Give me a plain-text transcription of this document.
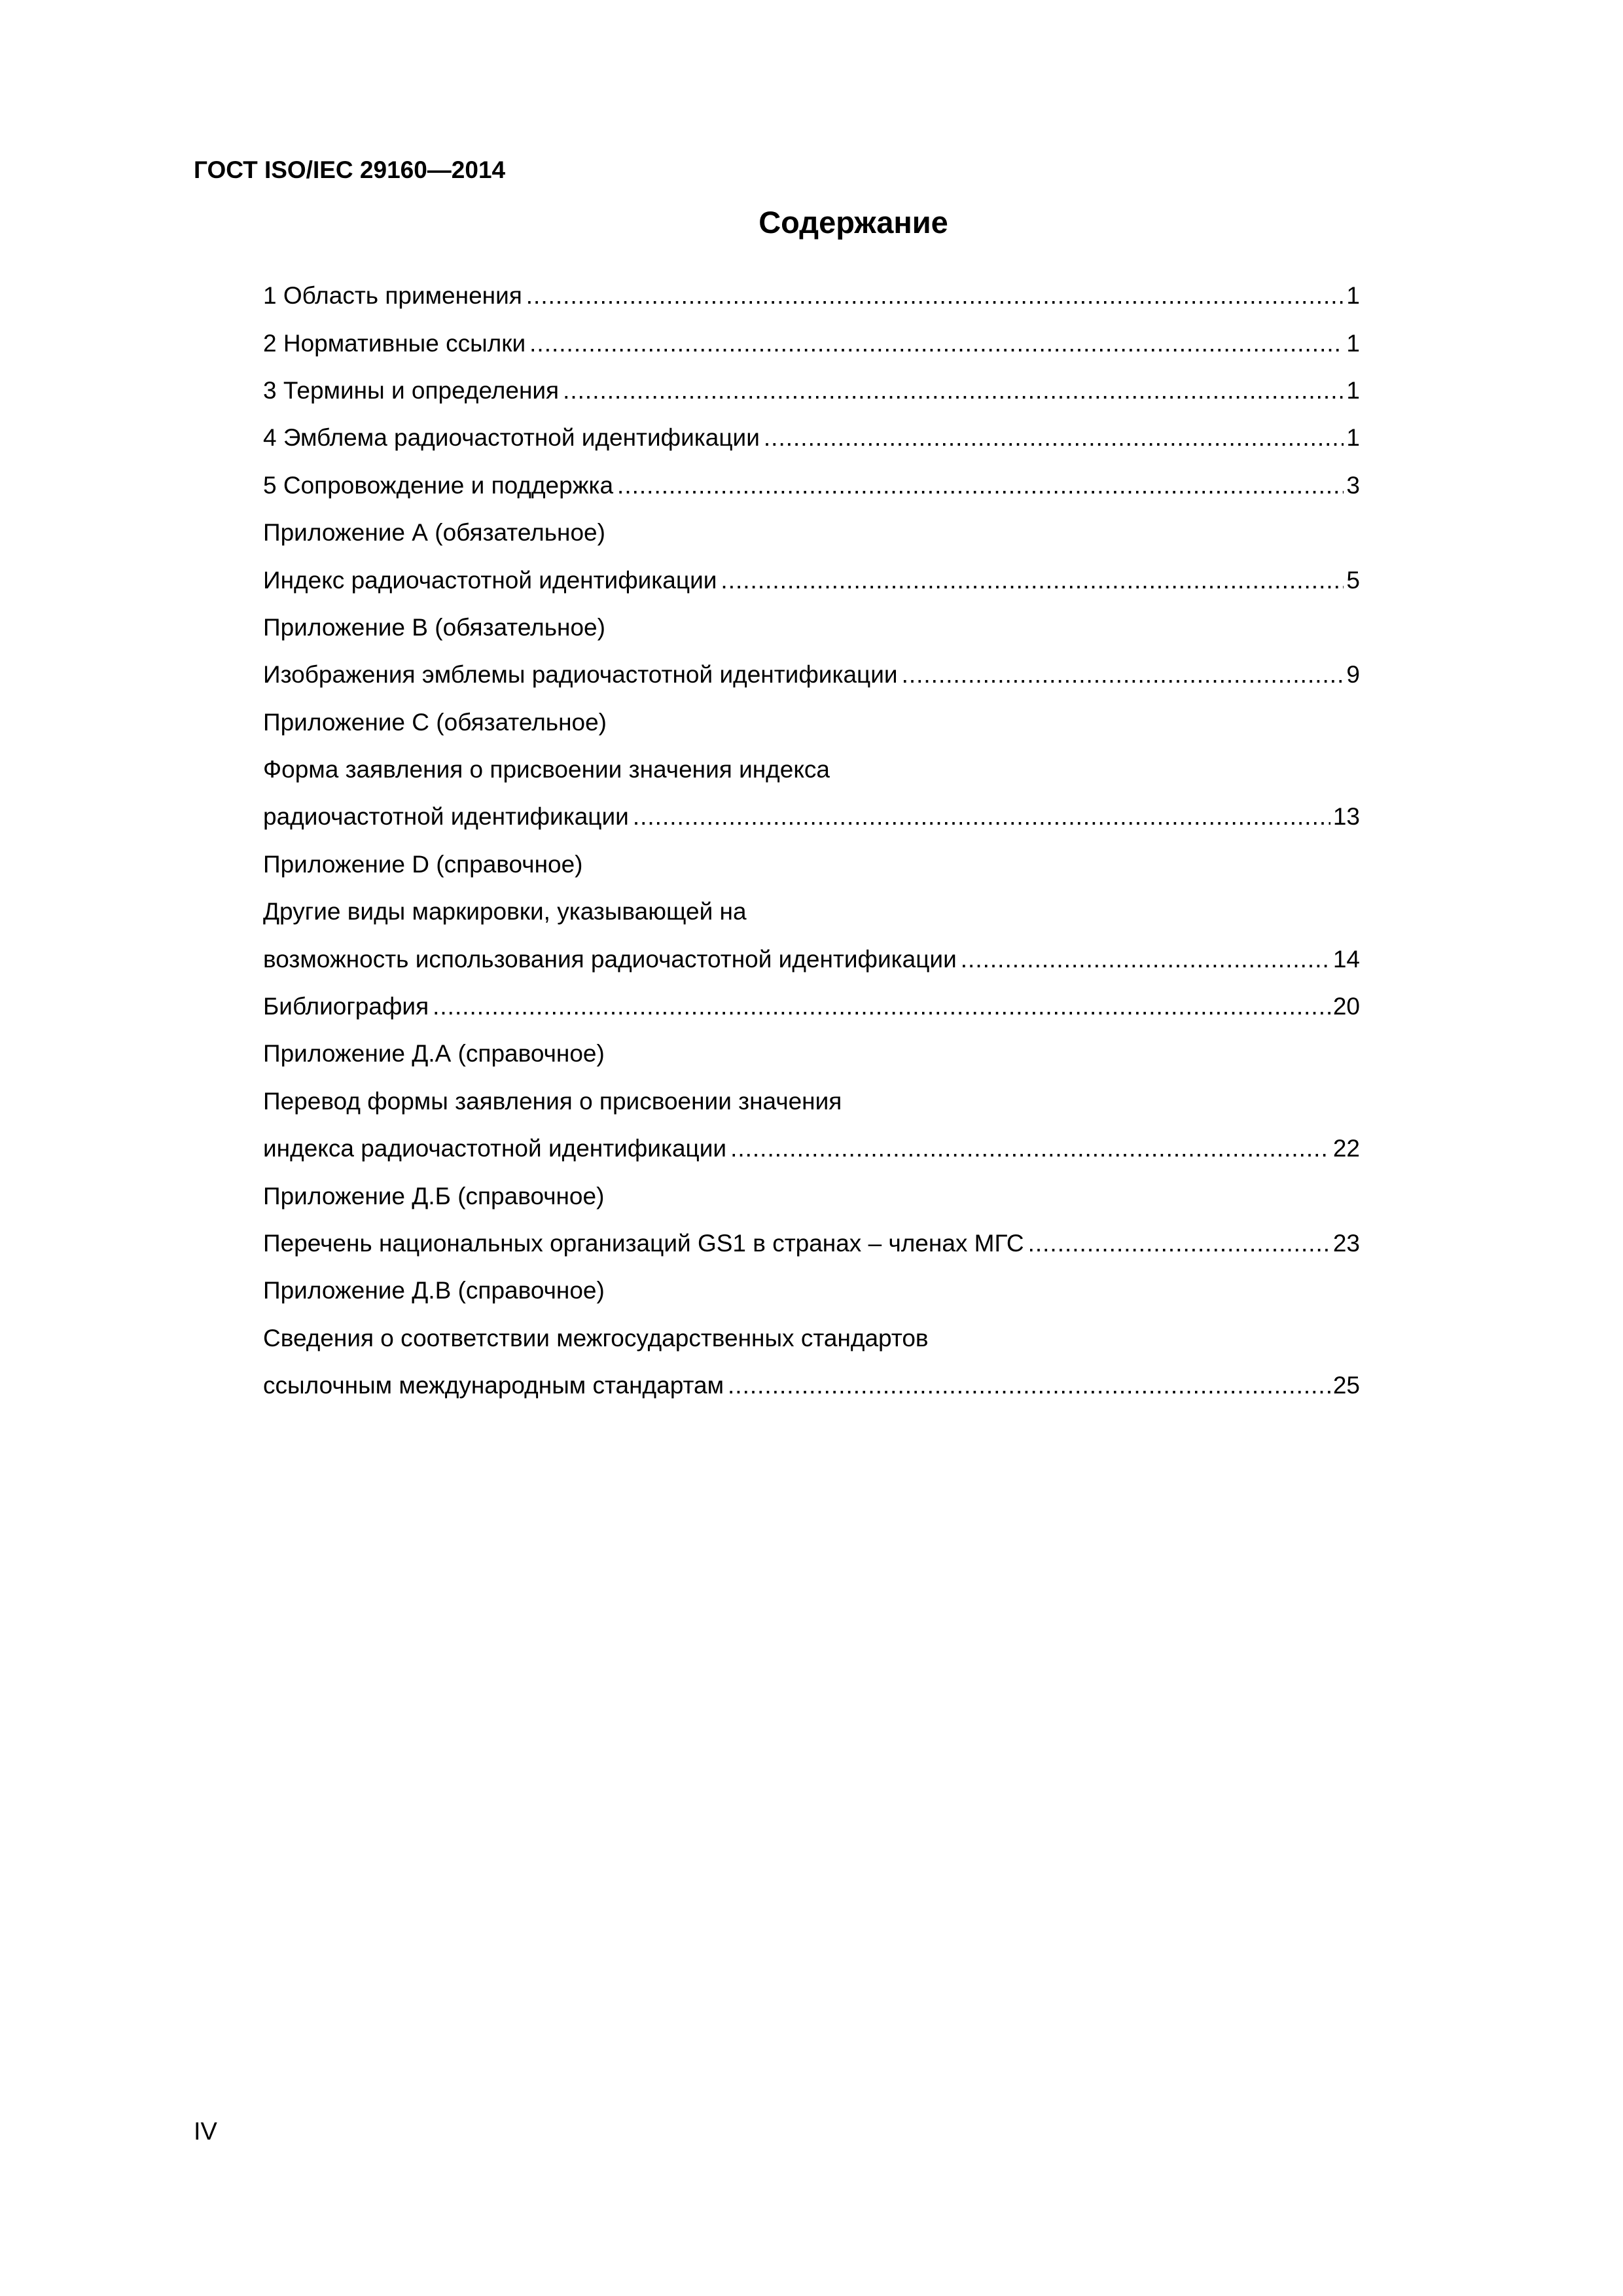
ГОСТ ISO/IEC 29160—2014
Содержание
1 Область применения .....	1
2 Нормативные ссылки .....	1
3 Термины и определения .....	1
4 Эмблема радиочастотной идентификации .....	1
5 Сопровождение и поддержка .....	3
Приложение А (обязательное)
Индекс радиочастотной идентификации .....	5
Приложение В (обязательное)
Изображения эмблемы радиочастотной идентификации .....	9
Приложение С (обязательное)
Форма заявления о присвоении значения индекса
радиочастотной идентификации .....	13
Приложение D (справочное)
Другие виды маркировки, указывающей на
возможность использования радиочастотной идентификации .....	14
Библиография .....	20
Приложение Д.А (справочное)
Перевод формы заявления о присвоении значения
индекса радиочастотной идентификации .....	22
Приложение Д.Б (справочное)
Перечень национальных организаций GS1 в странах – членах МГС .....	23
Приложение Д.В (справочное)
Сведения о соответствии межгосударственных стандартов
ссылочным международным стандартам .....	25
IV
